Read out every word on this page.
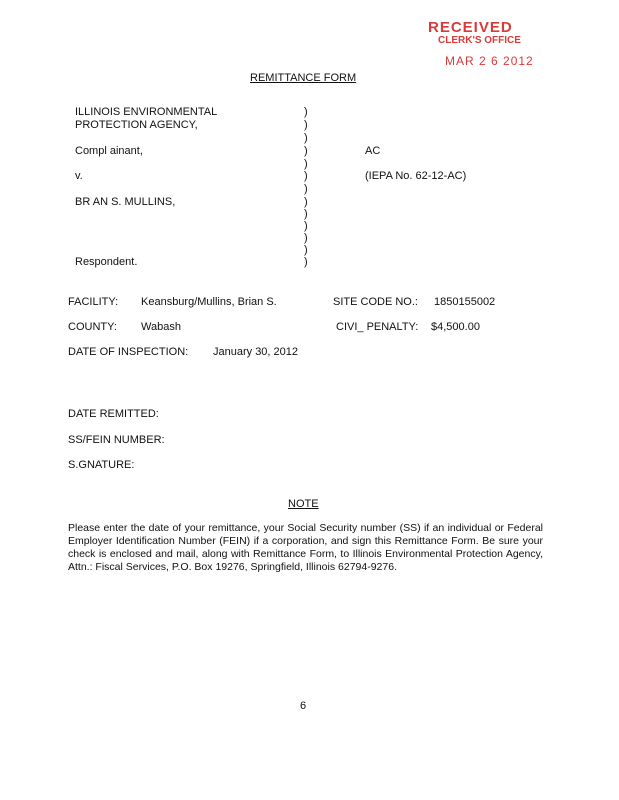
RECEIVED
CLERK'S OFFICE
MAR 2 6 2012
REMITTANCE FORM
ILLINOIS ENVIRONMENTAL
PROTECTION AGENCY,
Compl ainant,
v.
BR AN S. MULLINS,
Respondent.
)
)
)
)
)
)
)
)
)
)
)
)
)
AC
(IEPA No. 62-12-AC)
FACILITY: Keansburg/Mullins, Brian S.	SITE CODE NO.: 1850155002
COUNTY: Wabash	CIVI_ PENALTY: $4,500.00
DATE OF INSPECTION: January 30, 2012
DATE REMITTED:
SS/FEIN NUMBER:
S.GNATURE:
NOTE
Please enter the date of your remittance, your Social Security number (SS) if an individual or Federal Employer Identification Number (FEIN) if a corporation, and sign this Remittance Form. Be sure your check is enclosed and mail, along with Remittance Form, to Illinois Environmental Protection Agency, Attn.: Fiscal Services, P.O. Box 19276, Springfield, Illinois 62794-9276.
6
